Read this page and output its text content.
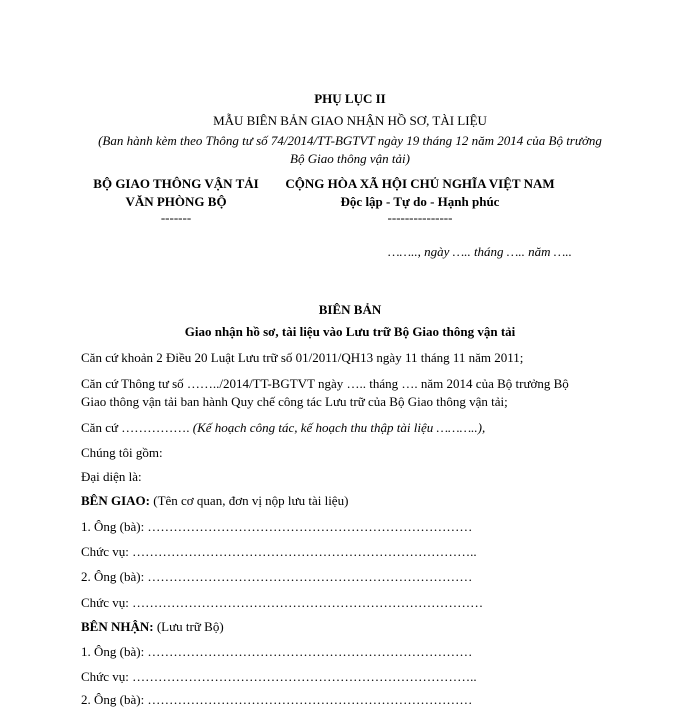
PHỤ LỤC II
MẪU BIÊN BẢN GIAO NHẬN HỒ SƠ, TÀI LIỆU
(Ban hành kèm theo Thông tư số 74/2014/TT-BGTVT ngày 19 tháng 12 năm 2014 của Bộ trưởng
Bộ Giao thông vận tải)
BỘ GIAO THÔNG VẬN TẢI
VĂN PHÒNG BỘ
-------
CỘNG HÒA XÃ HỘI CHỦ NGHĨA VIỆT NAM
Độc lập - Tự do - Hạnh phúc
---------------
…….., ngày ….. tháng ….. năm …..
BIÊN BẢN
Giao nhận hồ sơ, tài liệu vào Lưu trữ Bộ Giao thông vận tải
Căn cứ khoản 2 Điều 20 Luật Lưu trữ số 01/2011/QH13 ngày 11 tháng 11 năm 2011;
Căn cứ Thông tư số ……../2014/TT-BGTVT ngày ….. tháng …. năm 2014 của Bộ trưởng Bộ
Giao thông vận tải ban hành Quy chế công tác Lưu trữ của Bộ Giao thông vận tải;
Căn cứ ……………. (Kế hoạch công tác, kế hoạch thu thập tài liệu ………..),
Chúng tôi gồm:
Đại diện là:
BÊN GIAO: (Tên cơ quan, đơn vị nộp lưu tài liệu)
1. Ông (bà): …………………………………………………………………
Chức vụ: ……………………………………………………………………..
2. Ông (bà): …………………………………………………………………
Chức vụ: ………………………………………………………………………
BÊN NHẬN: (Lưu trữ Bộ)
1. Ông (bà): …………………………………………………………………
Chức vụ: ……………………………………………………………………..
2. Ông (bà): …………………………………………………………………
